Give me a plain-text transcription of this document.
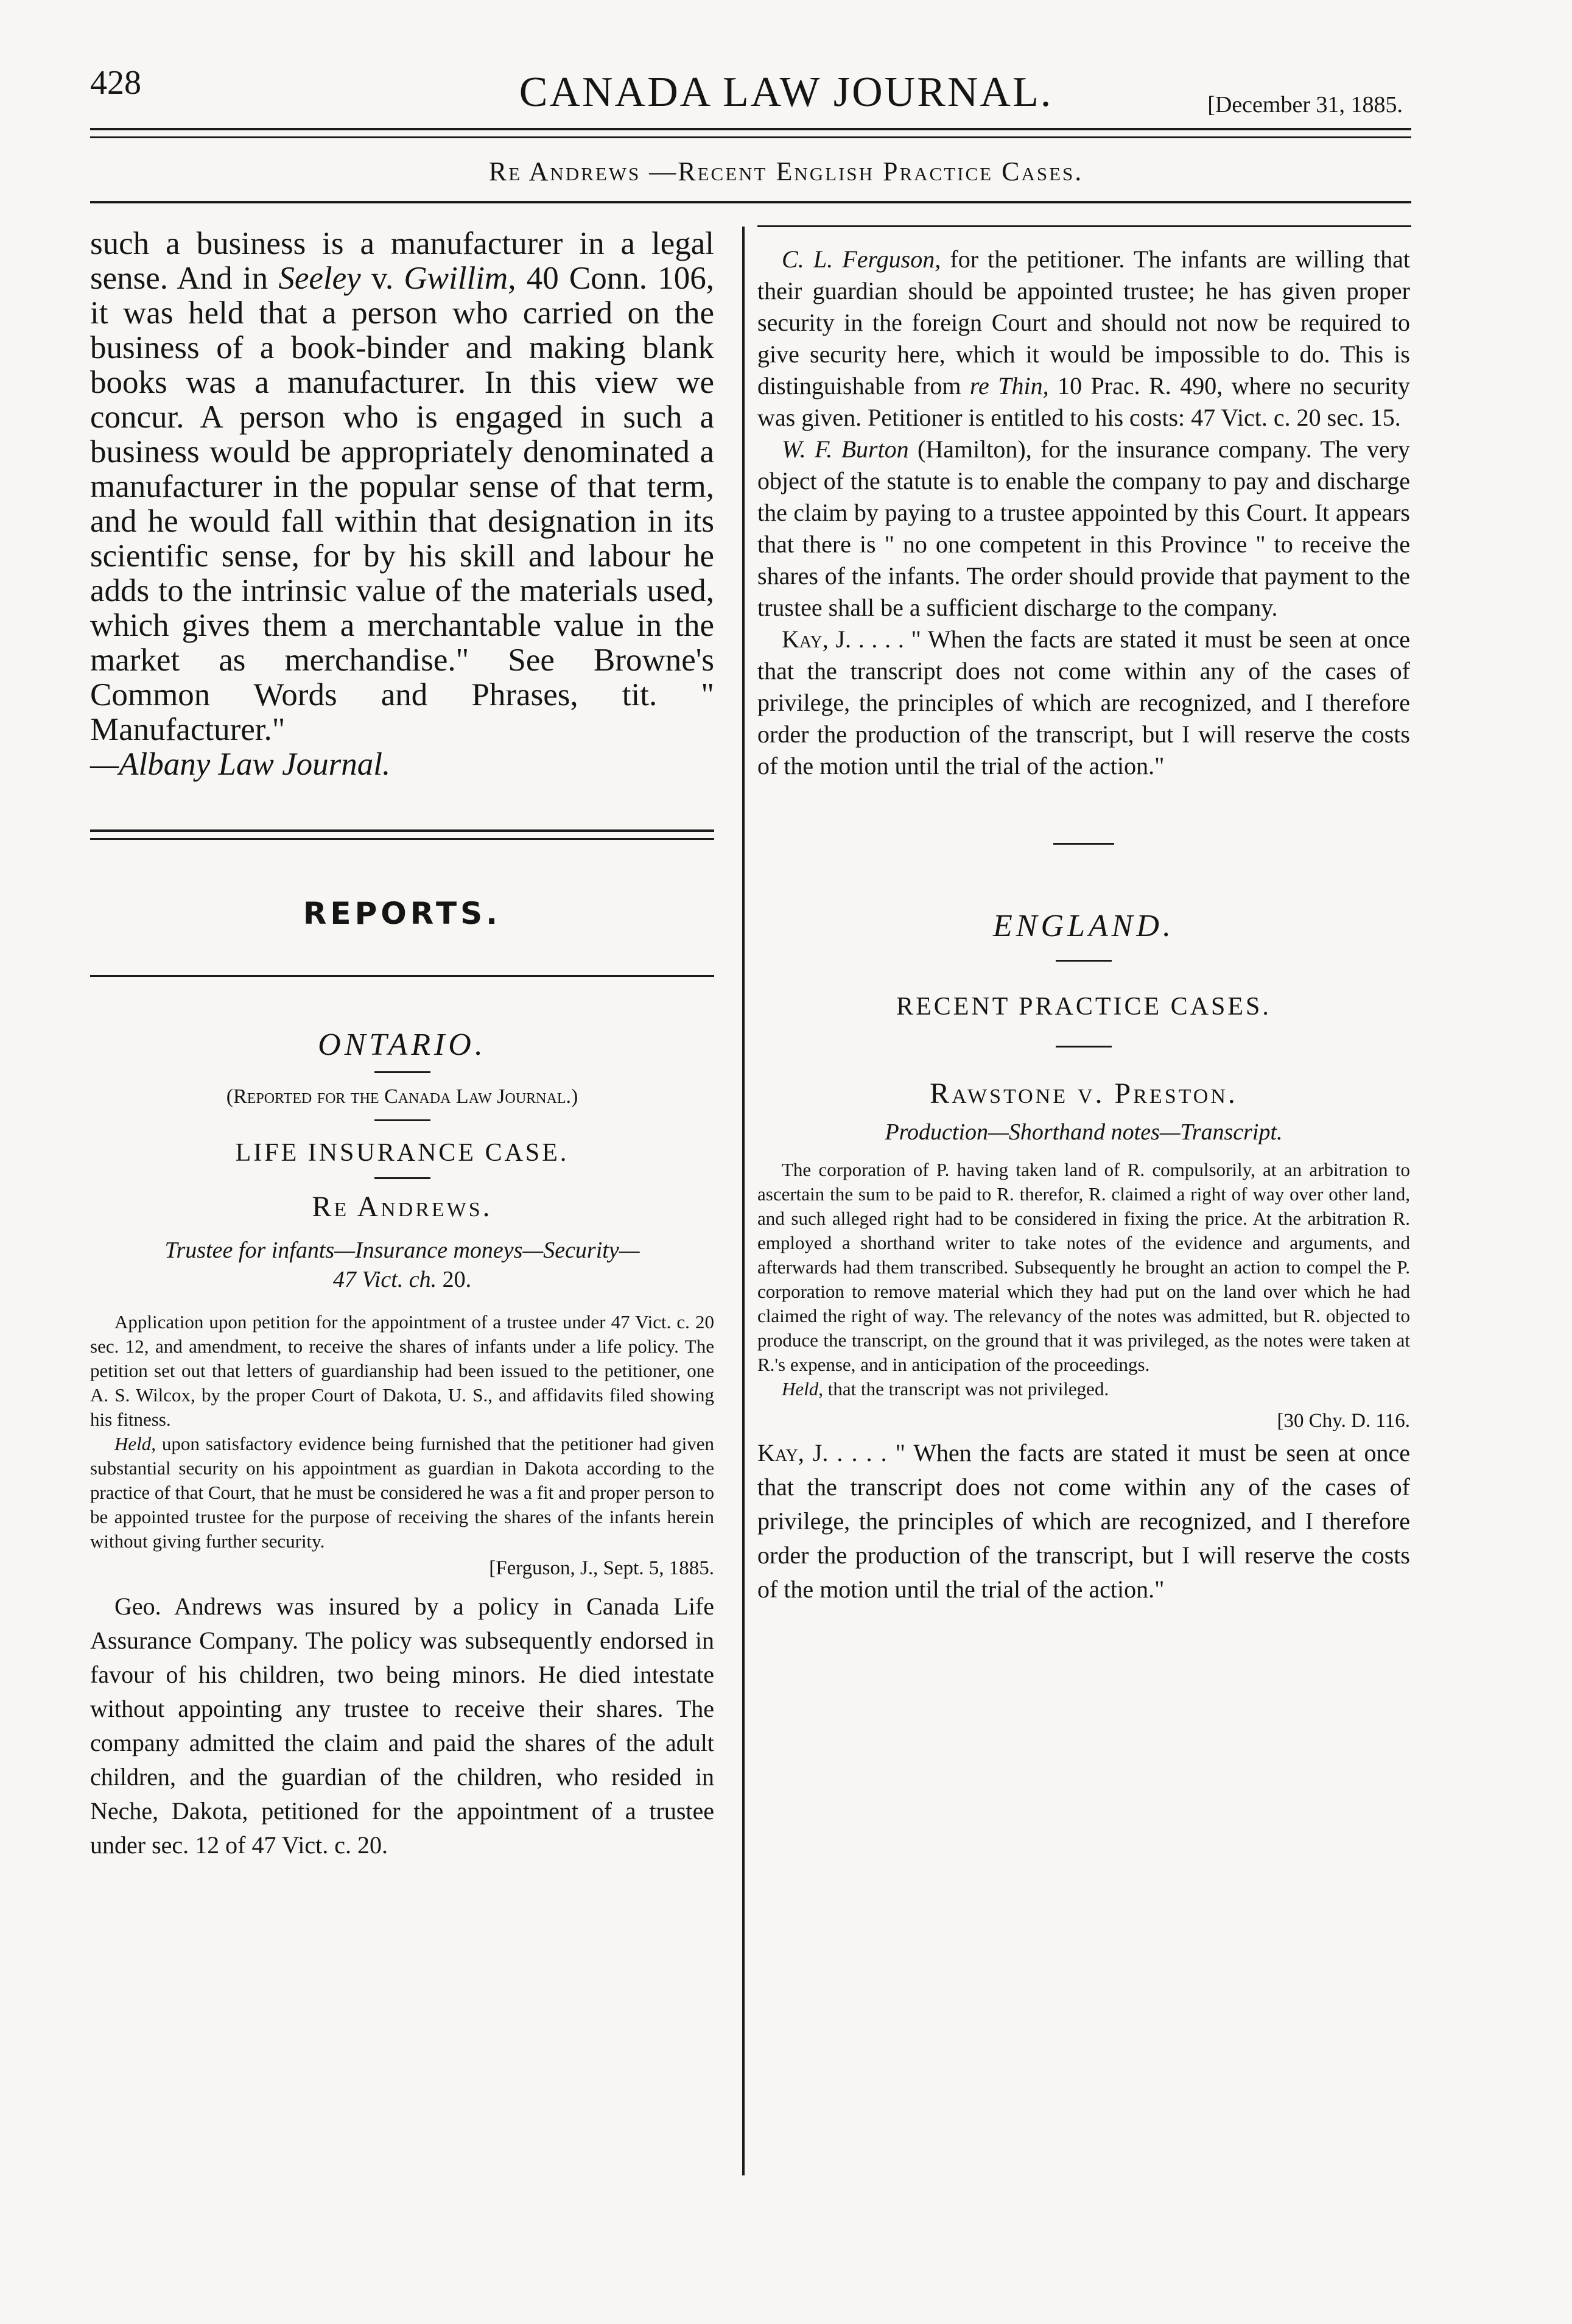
428	CANADA LAW JOURNAL.	[December 31, 1885.
Re Andrews —Recent English Practice Cases.

such a business is a manufacturer in a legal sense. And in Seeley v. Gwillim, 40 Conn. 106, it was held that a person who carried on the business of a book-binder and making blank books was a manufacturer. In this view we concur. A person who is engaged in such a business would be appropriately denominated a manufacturer in the popular sense of that term, and he would fall within that designation in its scientific sense, for by his skill and labour he adds to the intrinsic value of the materials used, which gives them a merchantable value in the market as merchandise." See Browne's Common Words and Phrases, tit. " Manufacturer."
—Albany Law Journal.

REPORTS.
ONTARIO.
(Reported for the Canada Law Journal.)
LIFE INSURANCE CASE.
Re Andrews.
Trustee for infants—Insurance moneys—Security—
47 Vict. ch. 20.

Application upon petition for the appointment of a trustee under 47 Vict. c. 20 sec. 12, and amendment, to receive the shares of infants under a life policy. The petition set out that letters of guardianship had been issued to the petitioner, one A. S. Wilcox, by the proper Court of Dakota, U. S., and affidavits filed showing his fitness.

Held, upon satisfactory evidence being furnished that the petitioner had given substantial security on his appointment as guardian in Dakota according to the practice of that Court, that he must be considered he was a fit and proper person to be appointed trustee for the purpose of receiving the shares of the infants herein without giving further security.

[Ferguson, J., Sept. 5, 1885.

Geo. Andrews was insured by a policy in Canada Life Assurance Company. The policy was subsequently endorsed in favour of his children, two being minors. He died intestate without appointing any trustee to receive their shares. The company admitted the claim and paid the shares of the adult children, and the guardian of the children, who resided in Neche, Dakota, petitioned for the appointment of a trustee under sec. 12 of 47 Vict. c. 20.

C. L. Ferguson, for the petitioner. The infants are willing that their guardian should be appointed trustee; he has given proper security in the foreign Court and should not now be required to give security here, which it would be impossible to do. This is distinguishable from re Thin, 10 Prac. R. 490, where no security was given. Petitioner is entitled to his costs: 47 Vict. c. 20 sec. 15.

W. F. Burton (Hamilton), for the insurance company. The very object of the statute is to enable the company to pay and discharge the claim by paying to a trustee appointed by this Court. It appears that there is " no one competent in this Province " to receive the shares of the infants. The order should provide that payment to the trustee shall be a sufficient discharge to the company.

Kay, J. . . . . " When the facts are stated it must be seen at once that the transcript does not come within any of the cases of privilege, the principles of which are recognized, and I therefore order the production of the transcript, but I will reserve the costs of the motion until the trial of the action."

ENGLAND.
RECENT PRACTICE CASES.
Rawstone v. Preston.
Production—Shorthand notes—Transcript.

The corporation of P. having taken land of R. compulsorily, at an arbitration to ascertain the sum to be paid to R. therefor, R. claimed a right of way over other land, and such alleged right had to be considered in fixing the price. At the arbitration R. employed a shorthand writer to take notes of the evidence and arguments, and afterwards had them transcribed. Subsequently he brought an action to compel the P. corporation to remove material which they had put on the land over which he had claimed the right of way. The relevancy of the notes was admitted, but R. objected to produce the transcript, on the ground that it was privileged, as the notes were taken at R.'s expense, and in anticipation of the proceedings.

Held, that the transcript was not privileged.

[30 Chy. D. 116.

Kay, J. . . . . " When the facts are stated it must be seen at once that the transcript does not come within any of the cases of privilege, the principles of which are recognized, and I therefore order the production of the transcript, but I will reserve the costs of the motion until the trial of the action."
